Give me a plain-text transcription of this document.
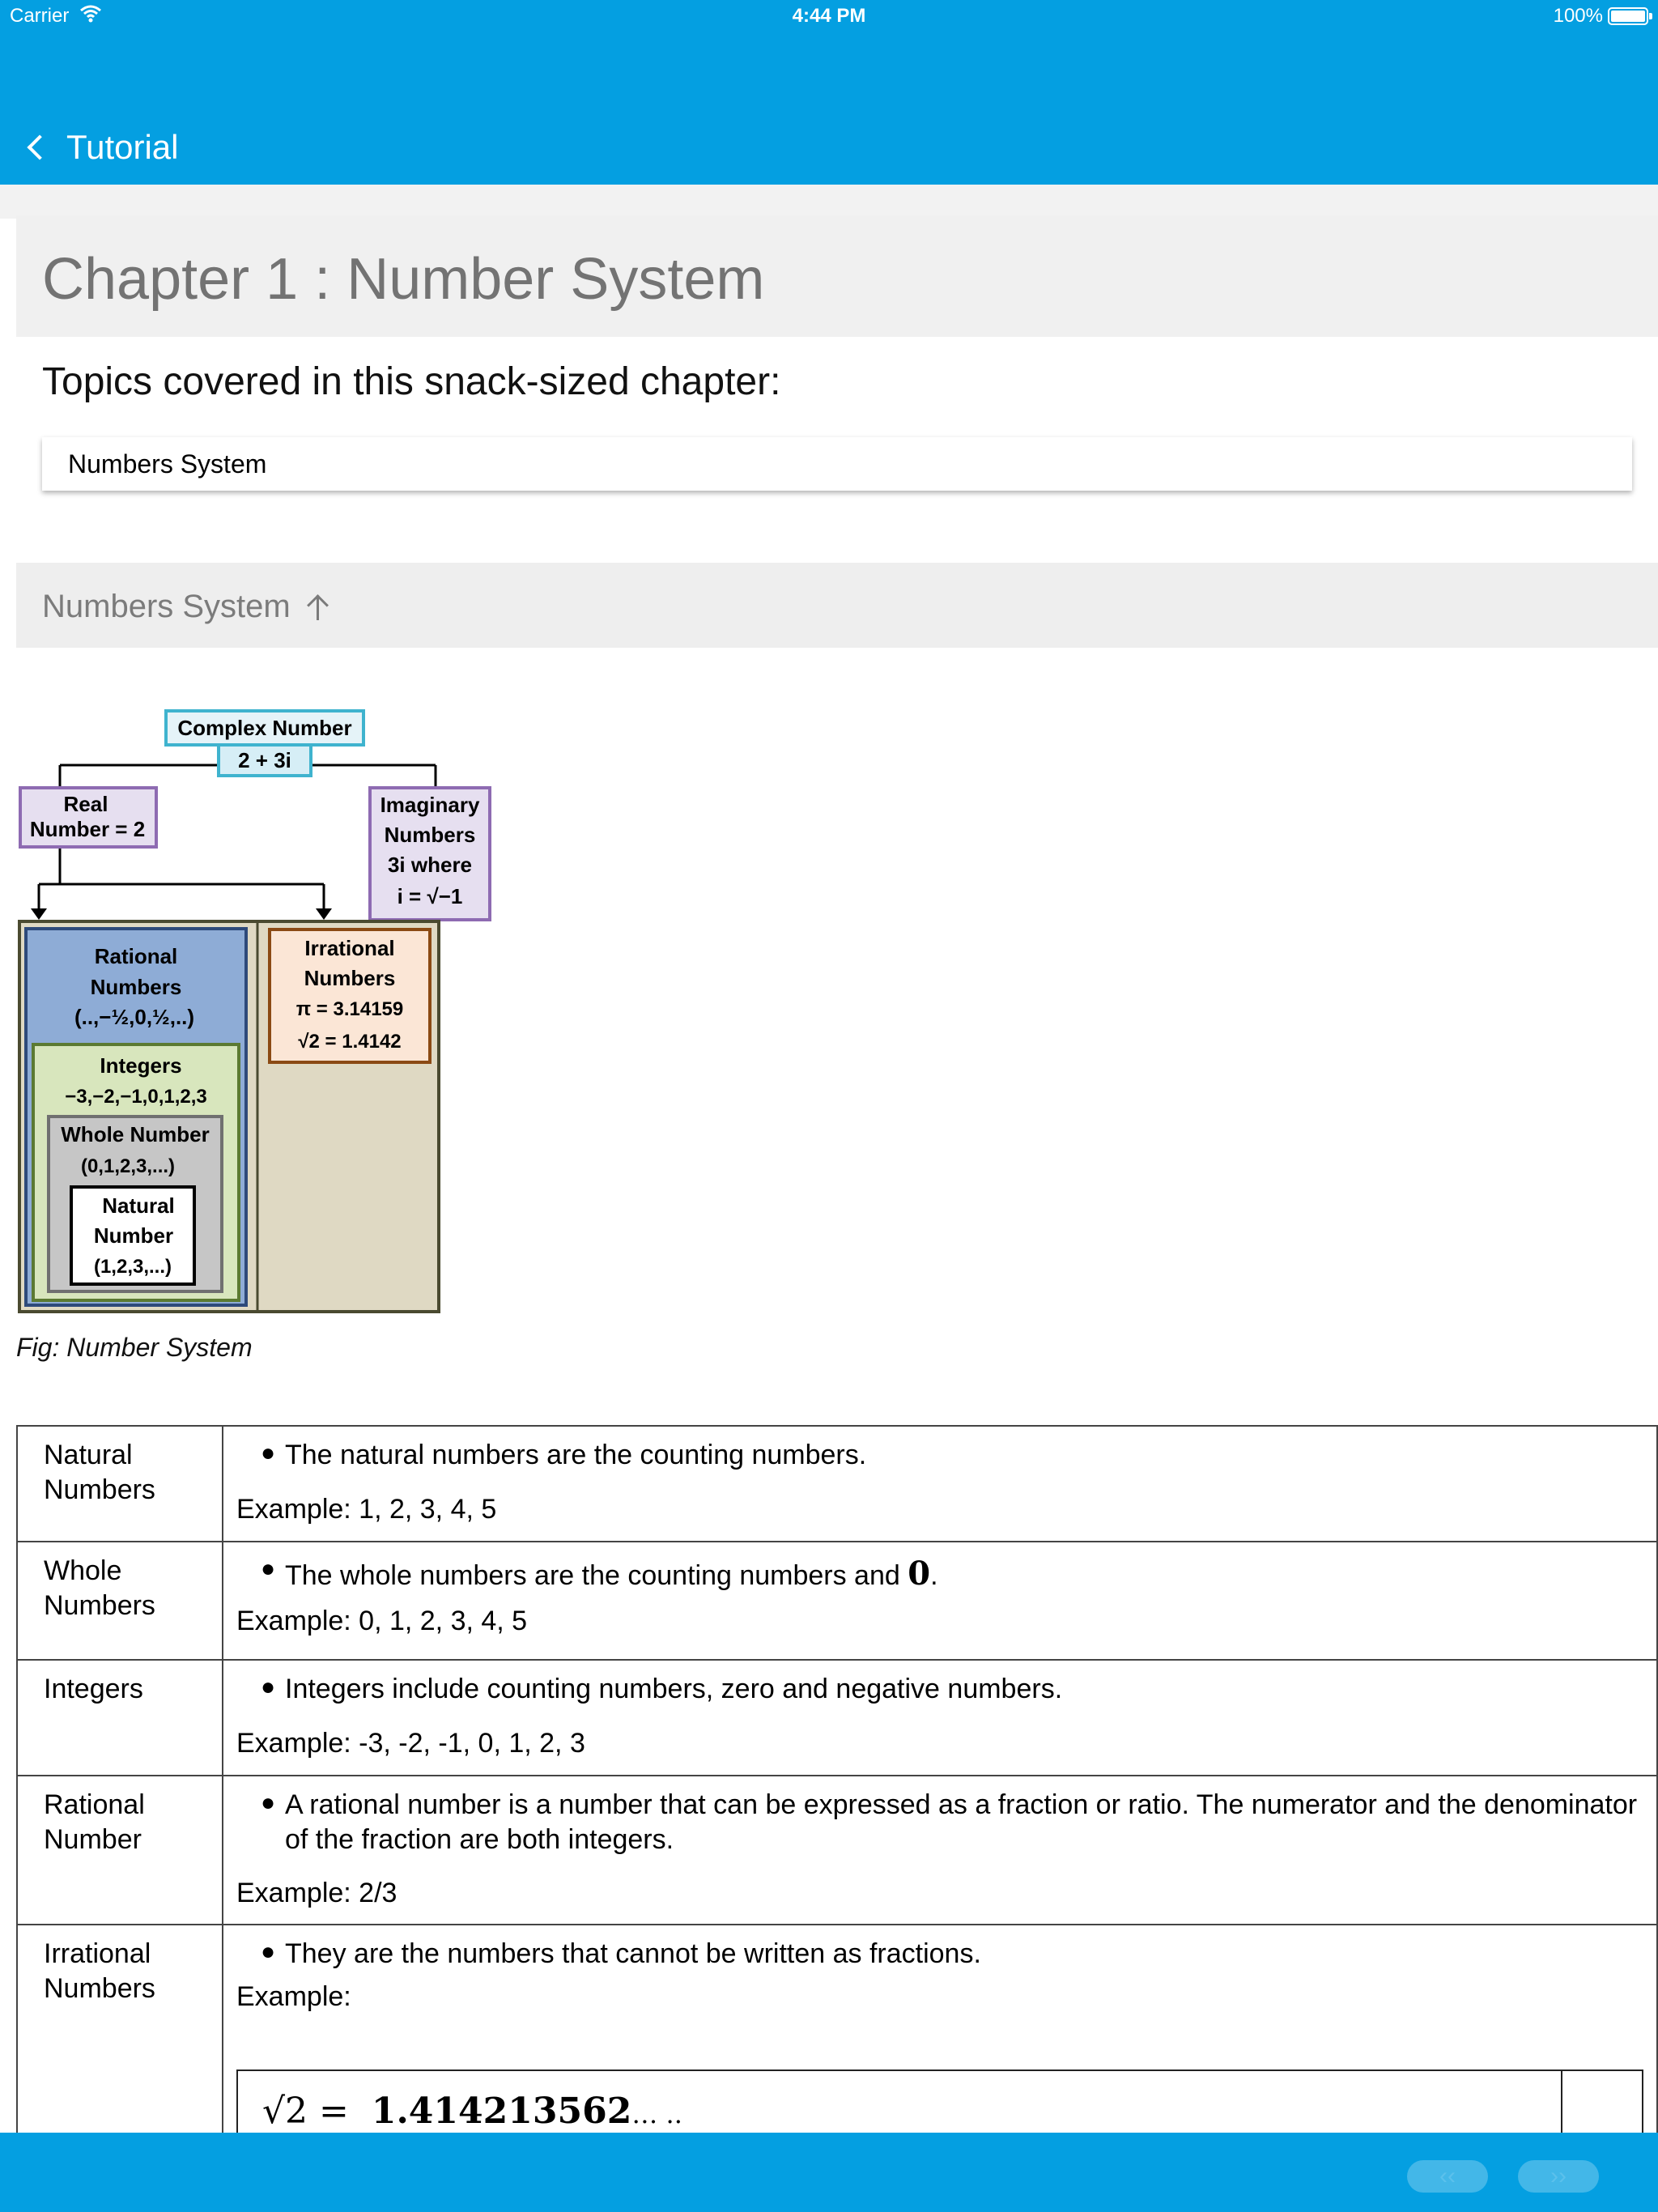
Carrier	4:44 PM	100%
Tutorial
Chapter 1 : Number System
Topics covered in this snack-sized chapter:
Numbers System
Numbers System
Complex Number
2 + 3i
Real
Number = 2
Imaginary
Numbers
3i where
i = √−1
Rational
Numbers
(..,−½,0,½,..)
Irrational
Numbers
π = 3.14159
√2 = 1.4142
Integers
−3,−2,−1,0,1,2,3
Whole Number
(0,1,2,3,...)
Natural
Number
(1,2,3,...)
Fig: Number System
Natural Numbers	● The natural numbers are the counting numbers.
Example: 1, 2, 3, 4, 5

Whole Numbers	● The whole numbers are the counting numbers and 0.
Example: 0, 1, 2, 3, 4, 5

Integers	● Integers include counting numbers, zero and negative numbers.
Example: -3, -2, -1, 0, 1, 2, 3

Rational Number	● A rational number is a number that can be expressed as a fraction or ratio. The numerator and the denominator of the fraction are both integers.
Example: 2/3

Irrational Numbers	● They are the numbers that cannot be written as fractions.
Example:
√2 = 1.414213562… ..
‹‹	››
